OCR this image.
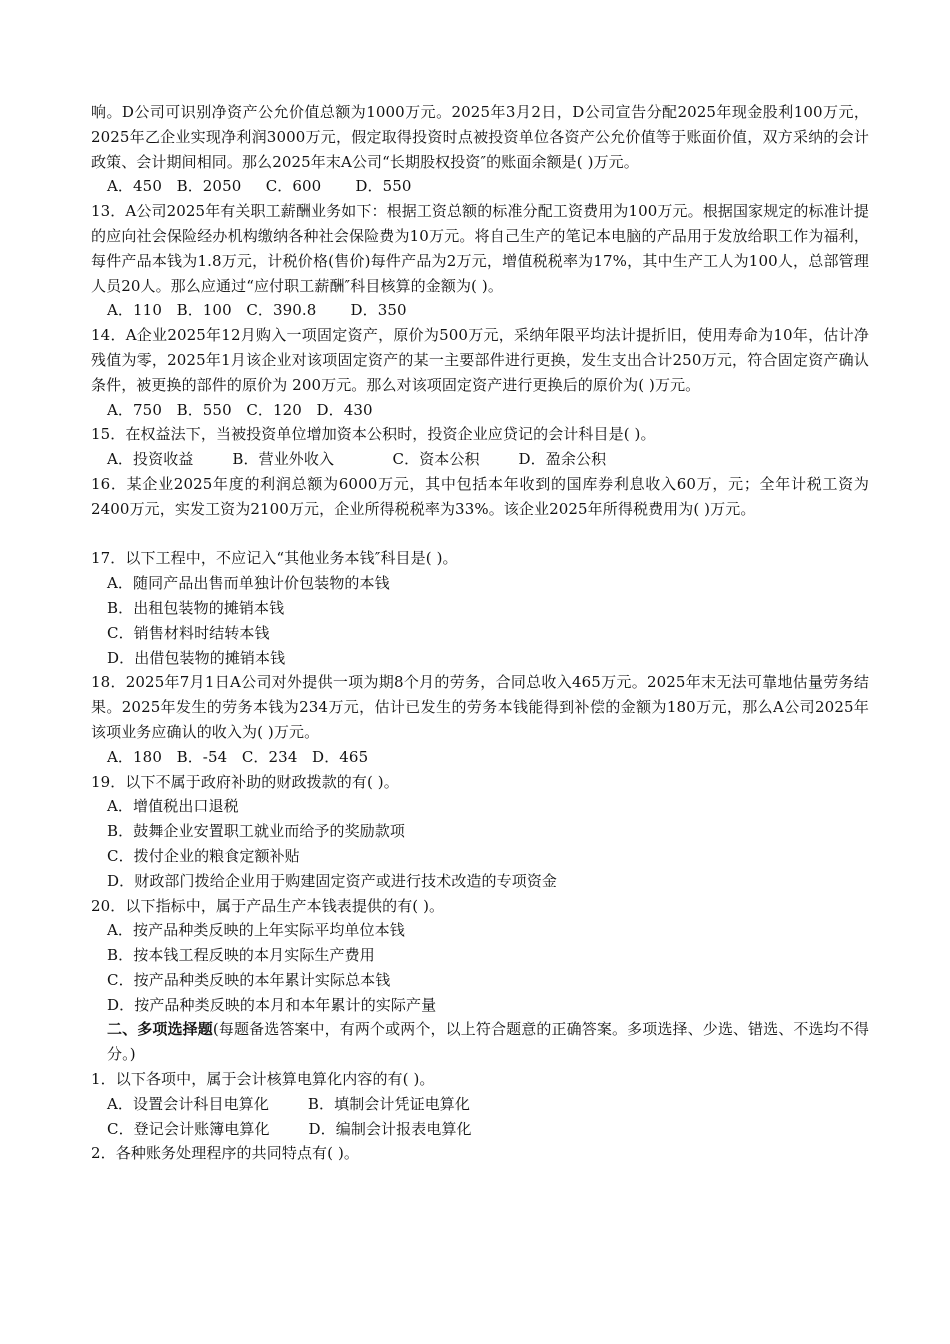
响。D公司可识别净资产公允价值总额为1000万元。2025年3月2日，D公司宣告分配2025年现金股利100万元，2025年乙企业实现净利润3000万元，假定取得投资时点被投资单位各资产公允价值等于账面价值，双方采纳的会计政策、会计期间相同。那么2025年末A公司“长期股权投资″的账面余额是( )万元。

A．450   B．2050     C．600       D．550

13．A公司2025年有关职工薪酬业务如下：根据工资总额的标准分配工资费用为100万元。根据国家规定的标准计提的应向社会保险经办机构缴纳各种社会保险费为10万元。将自己生产的笔记本电脑的产品用于发放给职工作为福利，每件产品本钱为1.8万元，计税价格(售价)每件产品为2万元，增值税税率为17%，其中生产工人为100人，总部管理人员20人。那么应通过“应付职工薪酬″科目核算的金额为( )。

A．110   B．100   C．390.8       D．350

14．A企业2025年12月购入一项固定资产，原价为500万元，采纳年限平均法计提折旧，使用寿命为10年，估计净残值为零，2025年1月该企业对该项固定资产的某一主要部件进行更换，发生支出合计250万元，符合固定资产确认条件，被更换的部件的原价为 200万元。那么对该项固定资产进行更换后的原价为( )万元。

A．750   B．550   C．120   D．430

15．在权益法下，当被投资单位增加资本公积时，投资企业应贷记的会计科目是( )。

A．投资收益        B．营业外收入            C．资本公积        D．盈余公积

16．某企业2025年度的利润总额为6000万元，其中包括本年收到的国库券利息收入60万，元；全年计税工资为2400万元，实发工资为2100万元，企业所得税税率为33%。该企业2025年所得税费用为( )万元。

17．以下工程中，不应记入“其他业务本钱″科目是( )。

A．随同产品出售而单独计价包装物的本钱

B．出租包装物的摊销本钱

C．销售材料时结转本钱

D．出借包装物的摊销本钱

18．2025年7月1日A公司对外提供一项为期8个月的劳务，合同总收入465万元。2025年末无法可靠地估量劳务结果。2025年发生的劳务本钱为234万元，估计已发生的劳务本钱能得到补偿的金额为180万元，那么A公司2025年该项业务应确认的收入为( )万元。

A．180   B．-54   C．234   D．465

19．以下不属于政府补助的财政拨款的有( )。

A．增值税出口退税

B．鼓舞企业安置职工就业而给予的奖励款项

C．拨付企业的粮食定额补贴

D．财政部门拨给企业用于购建固定资产或进行技术改造的专项资金

20．以下指标中，属于产品生产本钱表提供的有( )。

A．按产品种类反映的上年实际平均单位本钱

B．按本钱工程反映的本月实际生产费用

C．按产品种类反映的本年累计实际总本钱

D．按产品种类反映的本月和本年累计的实际产量

二、多项选择题(每题备选答案中，有两个或两个，以上符合题意的正确答案。多项选择、少选、错选、不选均不得分。)

1．以下各项中，属于会计核算电算化内容的有( )。

A．设置会计科目电算化        B．填制会计凭证电算化

C．登记会计账簿电算化        D．编制会计报表电算化

2．各种账务处理程序的共同特点有( )。
